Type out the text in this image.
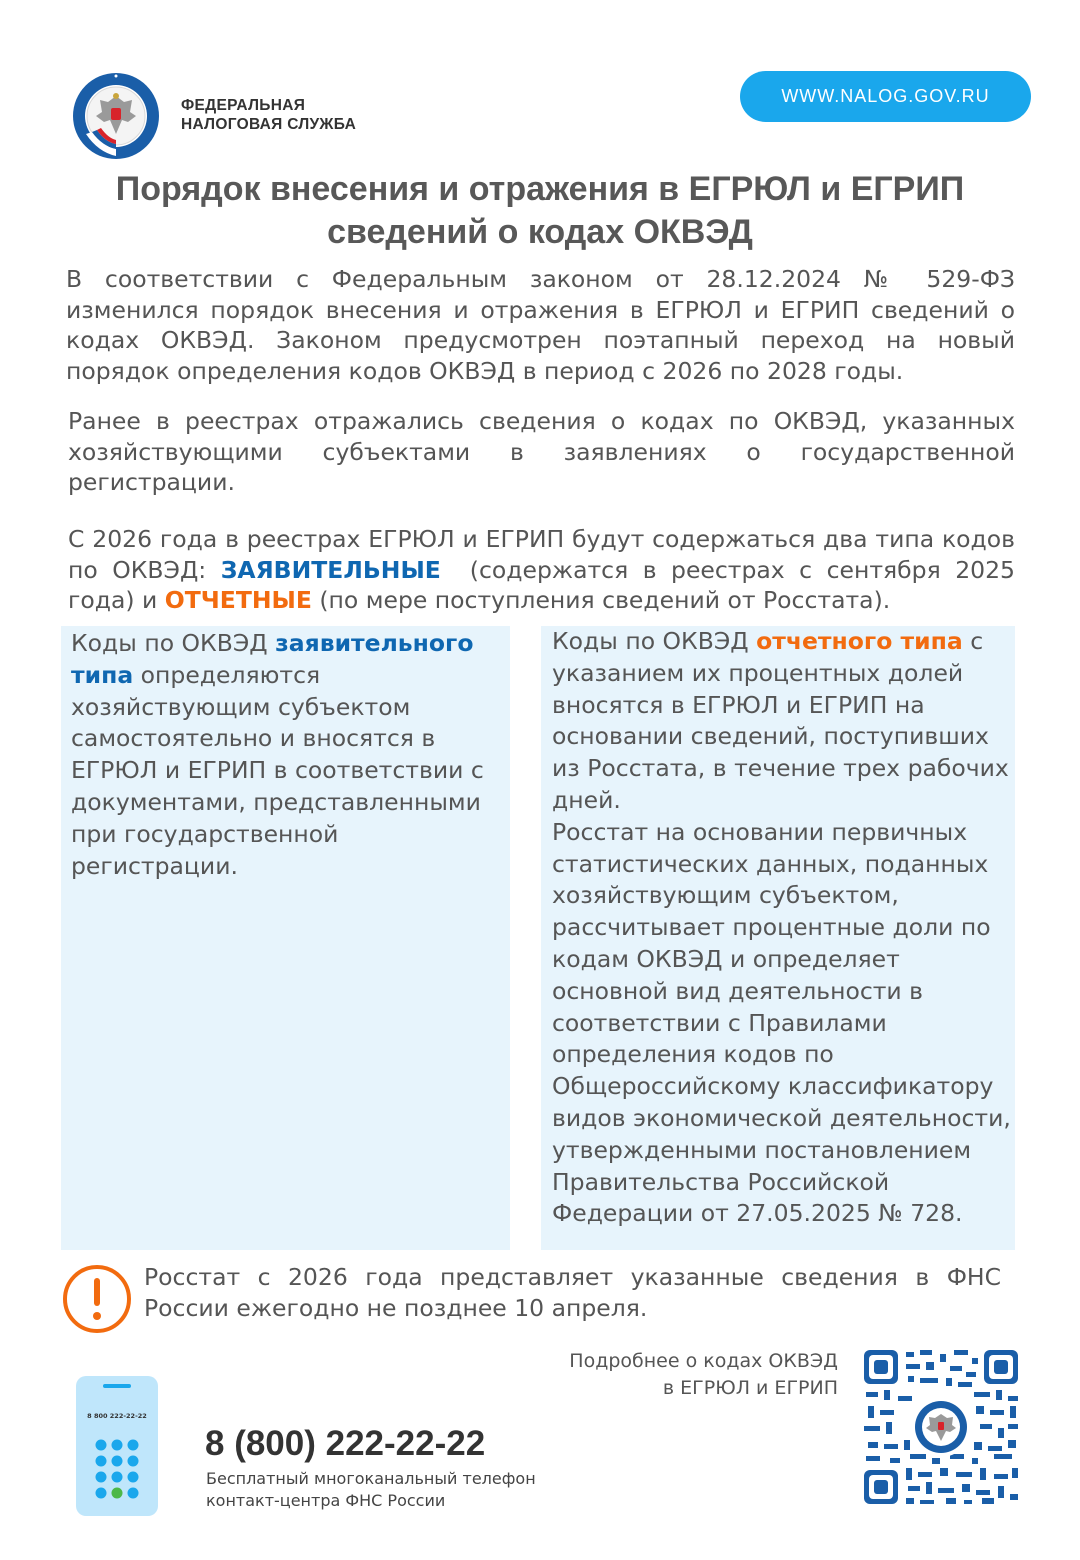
ФЕДЕРАЛЬНАЯ
НАЛОГОВАЯ СЛУЖБА
WWW.NALOG.GOV.RU
Порядок внесения и отражения в ЕГРЮЛ и ЕГРИП
сведений о кодах ОКВЭД
В соответствии с Федеральным законом от 28.12.2024 № 529-ФЗ изменился порядок внесения и отражения в ЕГРЮЛ и ЕГРИП сведений о кодах ОКВЭД. Законом предусмотрен поэтапный переход на новый порядок определения кодов ОКВЭД в период с 2026 по 2028 годы.
Ранее в реестрах отражались сведения о кодах по ОКВЭД, указанных хозяйствующими субъектами в заявлениях о государственной регистрации.
С 2026 года в реестрах ЕГРЮЛ и ЕГРИП будут содержаться два типа кодов по ОКВЭД: ЗАЯВИТЕЛЬНЫЕ  (содержатся в реестрах с сентября 2025 года) и ОТЧЕТНЫЕ (по мере поступления сведений от Росстата).
Коды по ОКВЭД заявительного типа определяются хозяйствующим субъектом самостоятельно и вносятся в ЕГРЮЛ и ЕГРИП в соответствии с документами, представленными при государственной регистрации.

Коды по ОКВЭД отчетного типа с указанием их процентных долей вносятся в ЕГРЮЛ и ЕГРИП на основании сведений, поступивших из Росстата, в течение трех рабочих дней.

Росстат на основании первичных статистических данных, поданных хозяйствующим субъектом, рассчитывает процентные доли по кодам ОКВЭД и определяет основной вид деятельности в соответствии с Правилами определения кодов по Общероссийскому классификатору видов экономической деятельности, утвержденными постановлением Правительства Российской Федерации от 27.05.2025 № 728.

Росстат с 2026 года представляет указанные сведения в ФНС России ежегодно не позднее 10 апреля.
Подробнее о кодах ОКВЭД
в ЕГРЮЛ и ЕГРИП
8 800 222-22-22
8 (800) 222-22-22
Бесплатный многоканальный телефон
контакт-центра ФНС России
